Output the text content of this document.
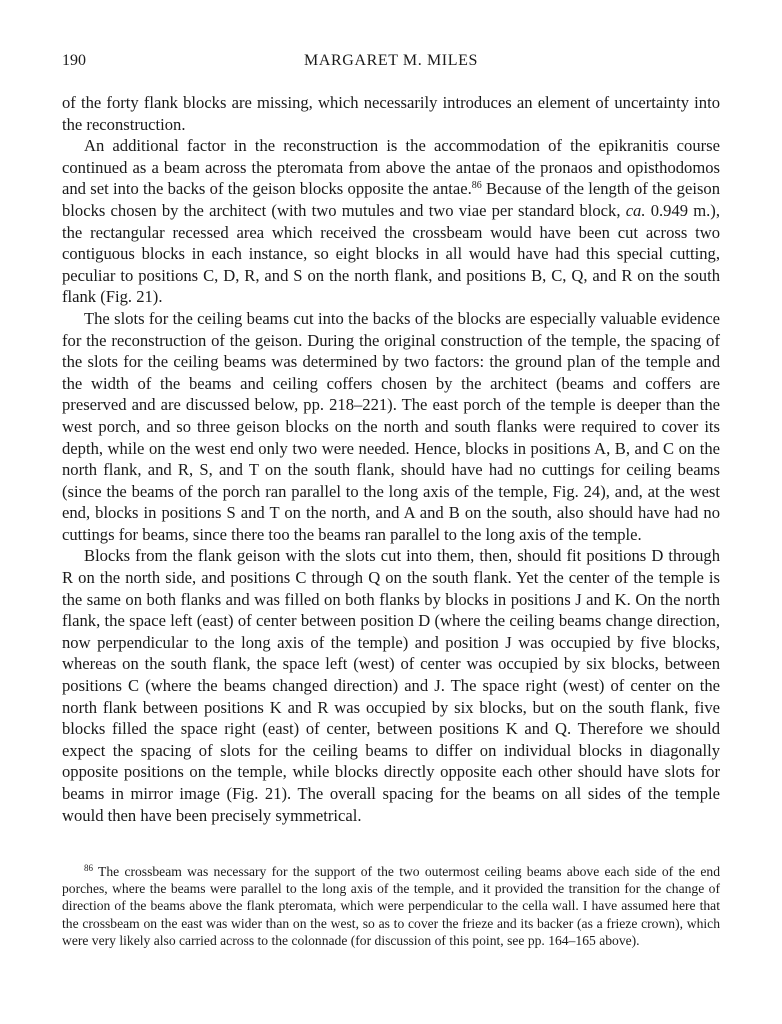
190	MARGARET M. MILES

of the forty flank blocks are missing, which necessarily introduces an element of uncertainty into the reconstruction.

An additional factor in the reconstruction is the accommodation of the epikranitis course continued as a beam across the pteromata from above the antae of the pronaos and opisthodomos and set into the backs of the geison blocks opposite the antae.$^{86}$ Because of the length of the geison blocks chosen by the architect (with two mutules and two viae per standard block, ca. 0.949 m.), the rectangular recessed area which received the crossbeam would have been cut across two contiguous blocks in each instance, so eight blocks in all would have had this special cutting, peculiar to positions C, D, R, and S on the north flank, and positions B, C, Q, and R on the south flank (Fig. 21).

The slots for the ceiling beams cut into the backs of the blocks are especially valuable evidence for the reconstruction of the geison. During the original construction of the temple, the spacing of the slots for the ceiling beams was determined by two factors: the ground plan of the temple and the width of the beams and ceiling coffers chosen by the architect (beams and coffers are preserved and are discussed below, pp. 218–221). The east porch of the temple is deeper than the west porch, and so three geison blocks on the north and south flanks were required to cover its depth, while on the west end only two were needed. Hence, blocks in positions A, B, and C on the north flank, and R, S, and T on the south flank, should have had no cuttings for ceiling beams (since the beams of the porch ran parallel to the long axis of the temple, Fig. 24), and, at the west end, blocks in positions S and T on the north, and A and B on the south, also should have had no cuttings for beams, since there too the beams ran parallel to the long axis of the temple.

Blocks from the flank geison with the slots cut into them, then, should fit positions D through R on the north side, and positions C through Q on the south flank. Yet the center of the temple is the same on both flanks and was filled on both flanks by blocks in positions J and K. On the north flank, the space left (east) of center between position D (where the ceiling beams change direction, now perpendicular to the long axis of the temple) and position J was occupied by five blocks, whereas on the south flank, the space left (west) of center was occupied by six blocks, between positions C (where the beams changed direction) and J. The space right (west) of center on the north flank between positions K and R was occupied by six blocks, but on the south flank, five blocks filled the space right (east) of center, between positions K and Q. Therefore we should expect the spacing of slots for the ceiling beams to differ on individual blocks in diagonally opposite positions on the temple, while blocks directly opposite each other should have slots for beams in mirror image (Fig. 21). The overall spacing for the beams on all sides of the temple would then have been precisely symmetrical.

$^{86}$ The crossbeam was necessary for the support of the two outermost ceiling beams above each side of the end porches, where the beams were parallel to the long axis of the temple, and it provided the transition for the change of direction of the beams above the flank pteromata, which were perpendicular to the cella wall. I have assumed here that the crossbeam on the east was wider than on the west, so as to cover the frieze and its backer (as a frieze crown), which were very likely also carried across to the colonnade (for discussion of this point, see pp. 164–165 above).
